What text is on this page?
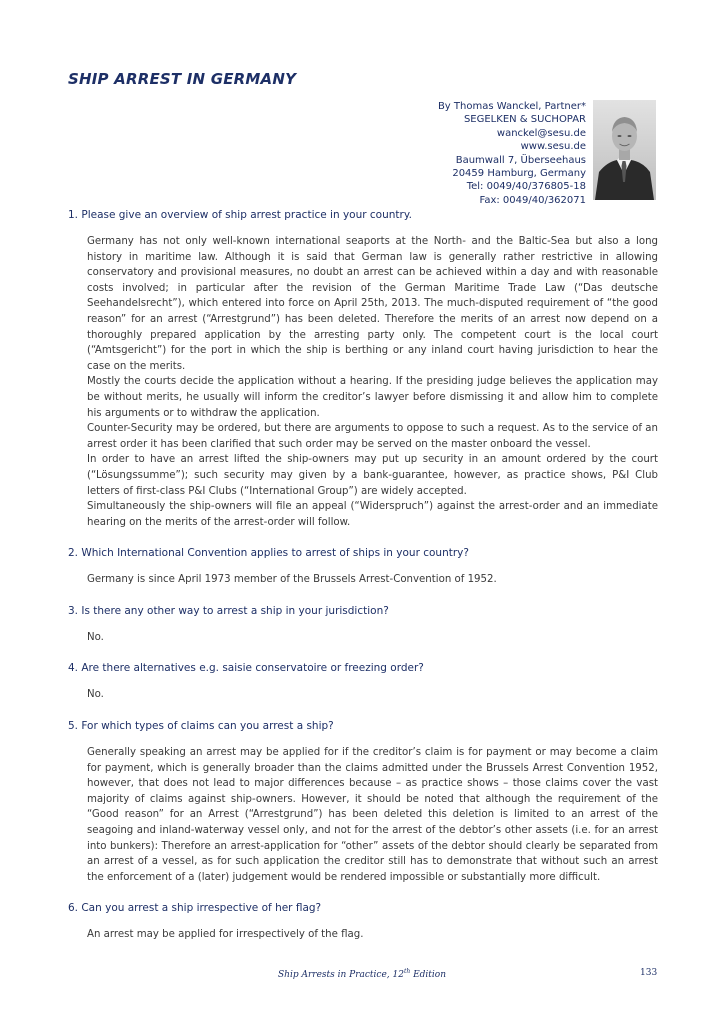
SHIP ARREST IN GERMANY
By Thomas Wanckel, Partner*
SEGELKEN & SUCHOPAR
wanckel@sesu.de
www.sesu.de
Baumwall 7, Überseehaus
20459 Hamburg, Germany
Tel: 0049/40/376805-18
Fax: 0049/40/362071
1. Please give an overview of ship arrest practice in your country.

Germany has not only well-known international seaports at the North- and the Baltic-Sea but also a long history in maritime law. Although it is said that German law is generally rather restrictive in allowing conservatory and provisional measures, no doubt an arrest can be achieved within a day and with reasonable costs involved; in particular after the revision of the German Maritime Trade Law (“Das deutsche Seehandelsrecht”), which entered into force on April 25th, 2013. The much-disputed requirement of “the good reason” for an arrest (“Arrestgrund”) has been deleted. Therefore the merits of an arrest now depend on a thoroughly prepared application by the arresting party only. The competent court is the local court (“Amtsgericht”) for the port in which the ship is berthing or any inland court having jurisdiction to hear the case on the merits.

Mostly the courts decide the application without a hearing. If the presiding judge believes the application may be without merits, he usually will inform the creditor’s lawyer before dismissing it and allow him to complete his arguments or to withdraw the application.

Counter-Security may be ordered, but there are arguments to oppose to such a request. As to the service of an arrest order it has been clarified that such order may be served on the master onboard the vessel.

In order to have an arrest lifted the ship-owners may put up security in an amount ordered by the court (“Lösungssumme”); such security may given by a bank-guarantee, however, as practice shows, P&I Club letters of first-class P&I Clubs (“International Group”) are widely accepted.

Simultaneously the ship-owners will file an appeal (“Widerspruch”) against the arrest-order and an immediate hearing on the merits of the arrest-order will follow.

2. Which International Convention applies to arrest of ships in your country?

Germany is since April 1973 member of the Brussels Arrest-Convention of 1952.

3. Is there any other way to arrest a ship in your jurisdiction?

No.

4. Are there alternatives e.g. saisie conservatoire or freezing order?

No.

5. For which types of claims can you arrest a ship?

Generally speaking an arrest may be applied for if the creditor’s claim is for payment or may become a claim for payment, which is generally broader than the claims admitted under the Brussels Arrest Convention 1952, however, that does not lead to major differences because – as practice shows – those claims cover the vast majority of claims against ship-owners. However, it should be noted that although the requirement of the “Good reason” for an Arrest (“Arrestgrund”) has been deleted this deletion is limited to an arrest of the seagoing and inland-waterway vessel only, and not for the arrest of the debtor’s other assets (i.e. for an arrest into bunkers): Therefore an arrest-application for “other” assets of the debtor should clearly be separated from an arrest of a vessel, as for such application the creditor still has to demonstrate that without such an arrest the enforcement of a (later) judgement would be rendered impossible or substantially more difficult.

6. Can you arrest a ship irrespective of her flag?

An arrest may be applied for irrespectively of the flag.

Ship Arrests in Practice, 12th Edition	133
